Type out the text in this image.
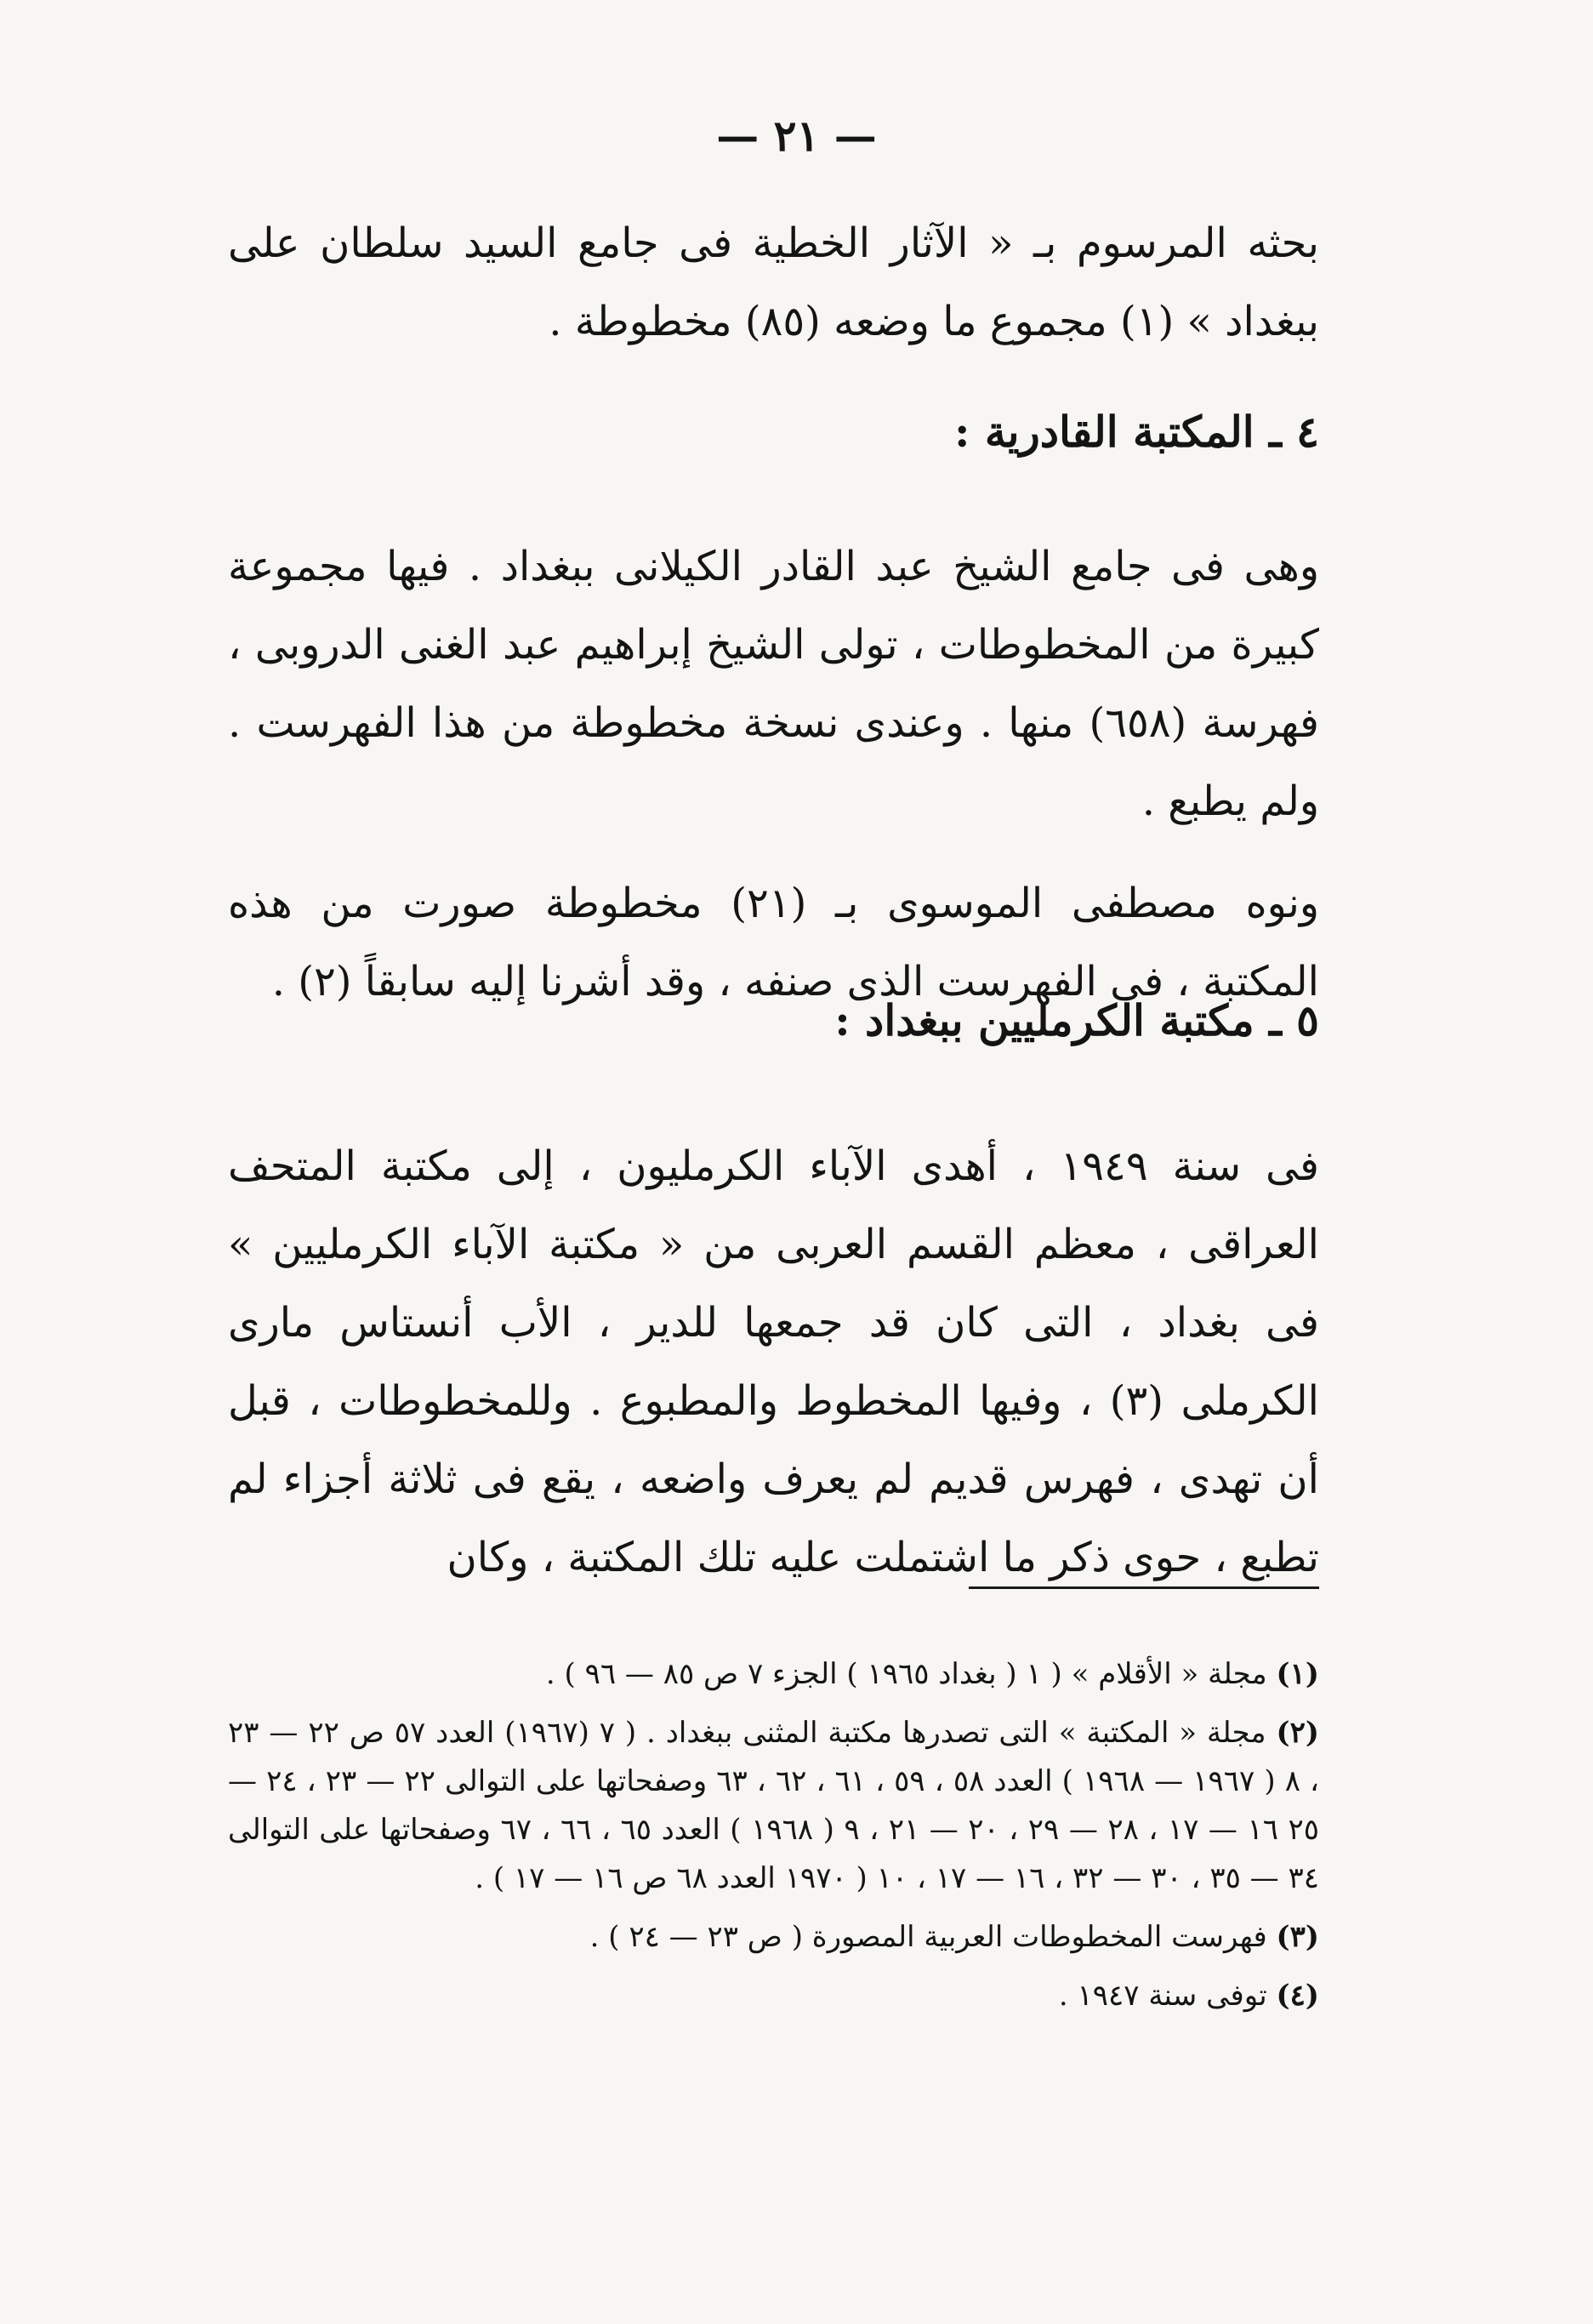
— ٢١ —

بحثه المرسوم بـ « الآثار الخطية فى جامع السيد سلطان على ببغداد » (١) مجموع ما وضعه (٨٥) مخطوطة .

٤ ـ المكتبة القادرية :

وهى فى جامع الشيخ عبد القادر الكيلانى ببغداد . فيها مجموعة كبيرة من المخطوطات ، تولى الشيخ إبراهيم عبد الغنى الدروبى ، فهرسة (٦٥٨) منها . وعندى نسخة مخطوطة من هذا الفهرست . ولم يطبع .

ونوه مصطفى الموسوى بـ (٢١) مخطوطة صورت من هذه المكتبة ، فى الفهرست الذى صنفه ، وقد أشرنا إليه سابقاً (٢) .

٥ ـ مكتبة الكرمليين ببغداد :

فى سنة ١٩٤٩ ، أهدى الآباء الكرمليون ، إلى مكتبة المتحف العراقى ، معظم القسم العربى من « مكتبة الآباء الكرمليين » فى بغداد ، التى كان قد جمعها للدير ، الأب أنستاس مارى الكرملى (٣) ، وفيها المخطوط والمطبوع . وللمخطوطات ، قبل أن تهدى ، فهرس قديم لم يعرف واضعه ، يقع فى ثلاثة أجزاء لم تطبع ، حوى ذكر ما اشتملت عليه تلك المكتبة ، وكان

(١) مجلة « الأقلام » ( ١ ( بغداد ١٩٦٥ ) الجزء ٧ ص ٨٥ — ٩٦ ) .

(٢) مجلة « المكتبة » التى تصدرها مكتبة المثنى ببغداد . ( ٧ (١٩٦٧) العدد ٥٧ ص ٢٢ — ٢٣ ، ٨ ( ١٩٦٧ — ١٩٦٨ ) العدد ٥٨ ، ٥٩ ، ٦١ ، ٦٢ ، ٦٣ وصفحاتها على التوالى ٢٢ — ٢٣ ، ٢٤ — ٢٥ ١٦ — ١٧ ، ٢٨ — ٢٩ ، ٢٠ — ٢١ ، ٩ ( ١٩٦٨ ) العدد ٦٥ ، ٦٦ ، ٦٧ وصفحاتها على التوالى ٣٤ — ٣٥ ، ٣٠ — ٣٢ ، ١٦ — ١٧ ، ١٠ ( ١٩٧٠ العدد ٦٨ ص ١٦ — ١٧ ) .

(٣) فهرست المخطوطات العربية المصورة ( ص ٢٣ — ٢٤ ) .

(٤) توفى سنة ١٩٤٧ .
